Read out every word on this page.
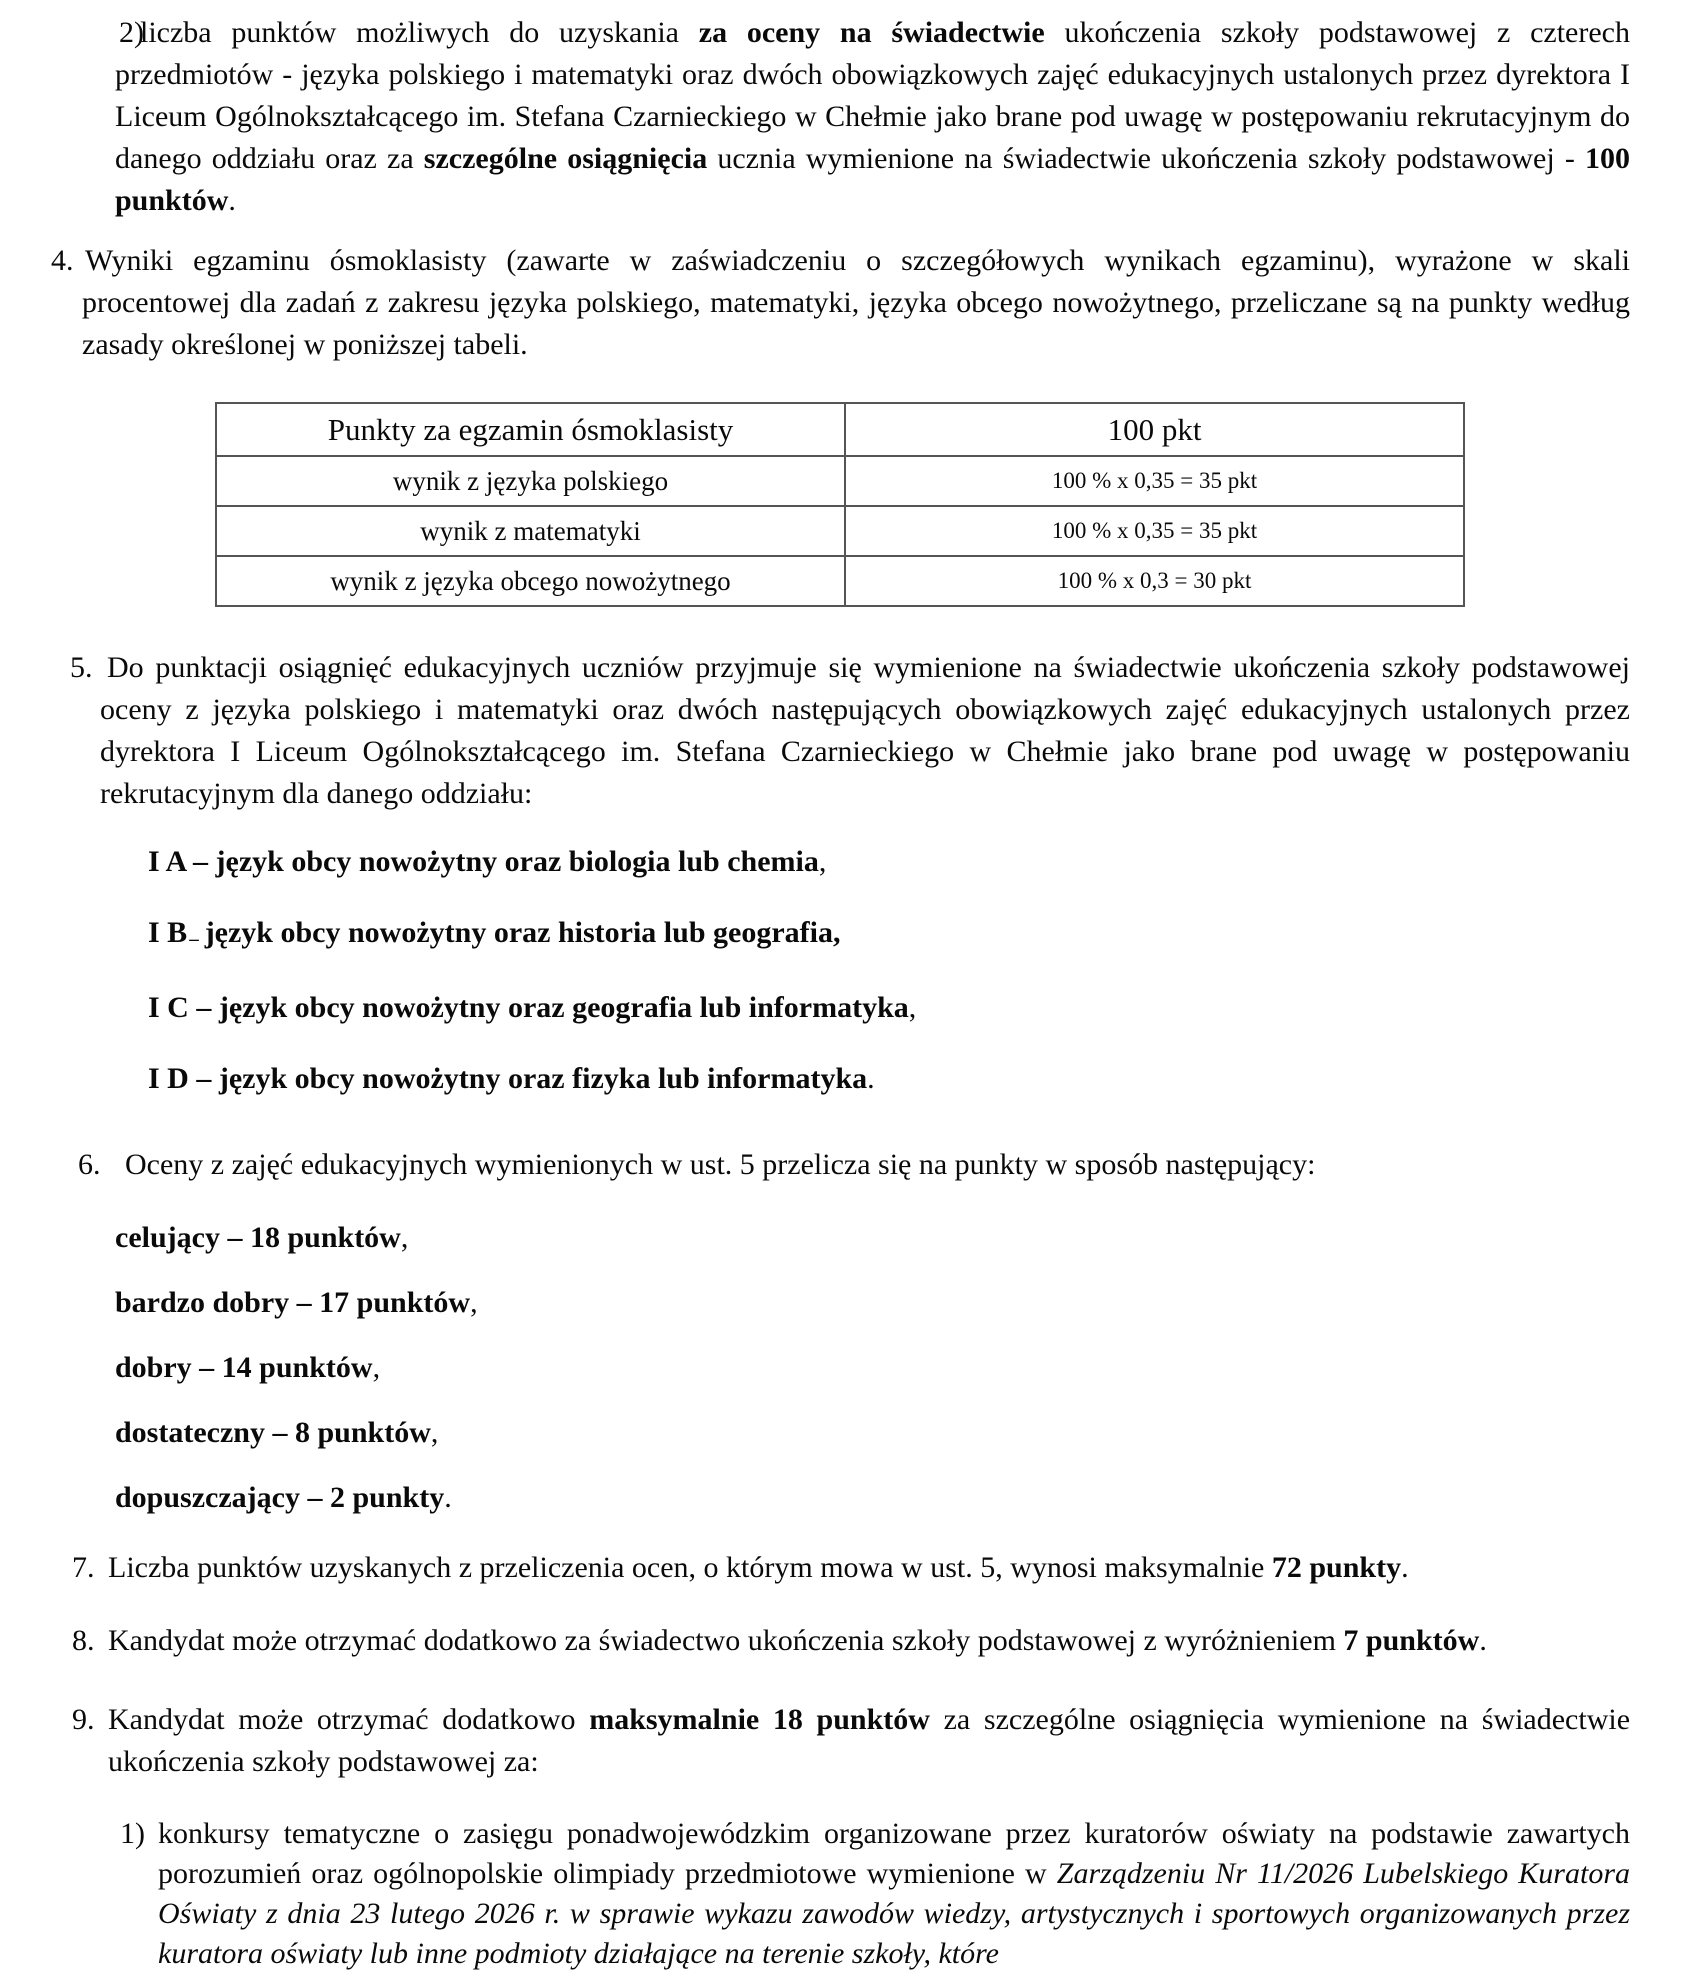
2)
liczba punktów możliwych do uzyskania za oceny na świadectwie ukończenia szkoły podstawowej z czterech przedmiotów - języka polskiego i matematyki oraz dwóch obowiązkowych zajęć edukacyjnych ustalonych przez dyrektora I Liceum Ogólnokształcącego im. Stefana Czarnieckiego w Chełmie jako brane pod uwagę w postępowaniu rekrutacyjnym do danego oddziału oraz za szczególne osiągnięcia ucznia wymienione na świadectwie ukończenia szkoły podstawowej - 100 punktów.

4. Wyniki egzaminu ósmoklasisty (zawarte w zaświadczeniu o szczegółowych wynikach egzaminu), wyrażone w skali procentowej dla zadań z zakresu języka polskiego, matematyki, języka obcego nowożytnego, przeliczane są na punkty według zasady określonej w poniższej tabeli.

Punkty za egzamin ósmoklasisty	100 pkt
wynik z języka polskiego	100 % x 0,35 = 35 pkt
wynik z matematyki	100 % x 0,35 = 35 pkt
wynik z języka obcego nowożytnego	100 % x 0,3 = 30 pkt

5. Do punktacji osiągnięć edukacyjnych uczniów przyjmuje się wymienione na świadectwie ukończenia szkoły podstawowej oceny z języka polskiego i matematyki oraz dwóch następujących obowiązkowych zajęć edukacyjnych ustalonych przez dyrektora I Liceum Ogólnokształcącego im. Stefana Czarnieckiego w Chełmie jako brane pod uwagę w postępowaniu rekrutacyjnym dla danego oddziału:

I A – język obcy nowożytny oraz biologia lub chemia,
I B – język obcy nowożytny oraz historia lub geografia,
I C – język obcy nowożytny oraz geografia lub informatyka,
I D – język obcy nowożytny oraz fizyka lub informatyka.

6. Oceny z zajęć edukacyjnych wymienionych w ust. 5 przelicza się na punkty w sposób następujący:

celujący – 18 punktów,
bardzo dobry – 17 punktów,
dobry – 14 punktów,
dostateczny – 8 punktów,
dopuszczający – 2 punkty.

7. Liczba punktów uzyskanych z przeliczenia ocen, o którym mowa w ust. 5, wynosi maksymalnie 72 punkty.

8. Kandydat może otrzymać dodatkowo za świadectwo ukończenia szkoły podstawowej z wyróżnieniem 7 punktów.

9. Kandydat może otrzymać dodatkowo maksymalnie 18 punktów za szczególne osiągnięcia wymienione na świadectwie ukończenia szkoły podstawowej za:

1) konkursy tematyczne o zasięgu ponadwojewódzkim organizowane przez kuratorów oświaty na podstawie zawartych porozumień oraz ogólnopolskie olimpiady przedmiotowe wymienione w Zarządzeniu Nr 11/2026 Lubelskiego Kuratora Oświaty z dnia 23 lutego 2026 r. w sprawie wykazu zawodów wiedzy, artystycznych i sportowych organizowanych przez kuratora oświaty lub inne podmioty działające na terenie szkoły, które
